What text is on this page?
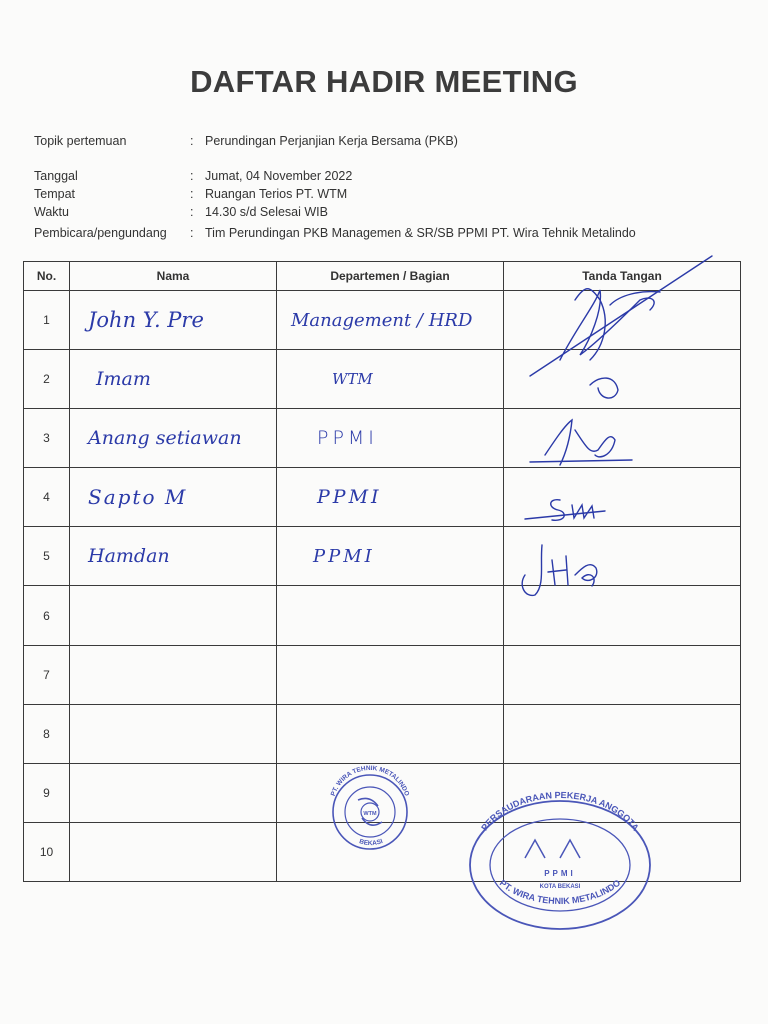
DAFTAR HADIR MEETING
Topik pertemuan	: Perundingan Perjanjian Kerja Bersama (PKB)
Tanggal	: Jumat, 04 November 2022
Tempat	: Ruangan Terios PT. WTM
Waktu	: 14.30 s/d Selesai WIB
Pembicara/pengundang : Tim Perundingan PKB Managemen & SR/SB PPMI PT. Wira Tehnik Metalindo
No.	Nama	Departemen / Bagian	Tanda Tangan
1	John Y. Pre	Management / HRD	

2	Imam	WTM	

3	Anang setiawan	PPMI	

4	Sapto M	PPMI	

5	Hamdan	PPMI	

6			
7			
8			
9			
10			
PT. WIRA TEHNIK METALINDO
BEKASI
WTM
PERSAUDARAAN PEKERJA ANGGOTA
PT. WIRA TEHNIK METALINDO
PPMI
KOTA BEKASI
